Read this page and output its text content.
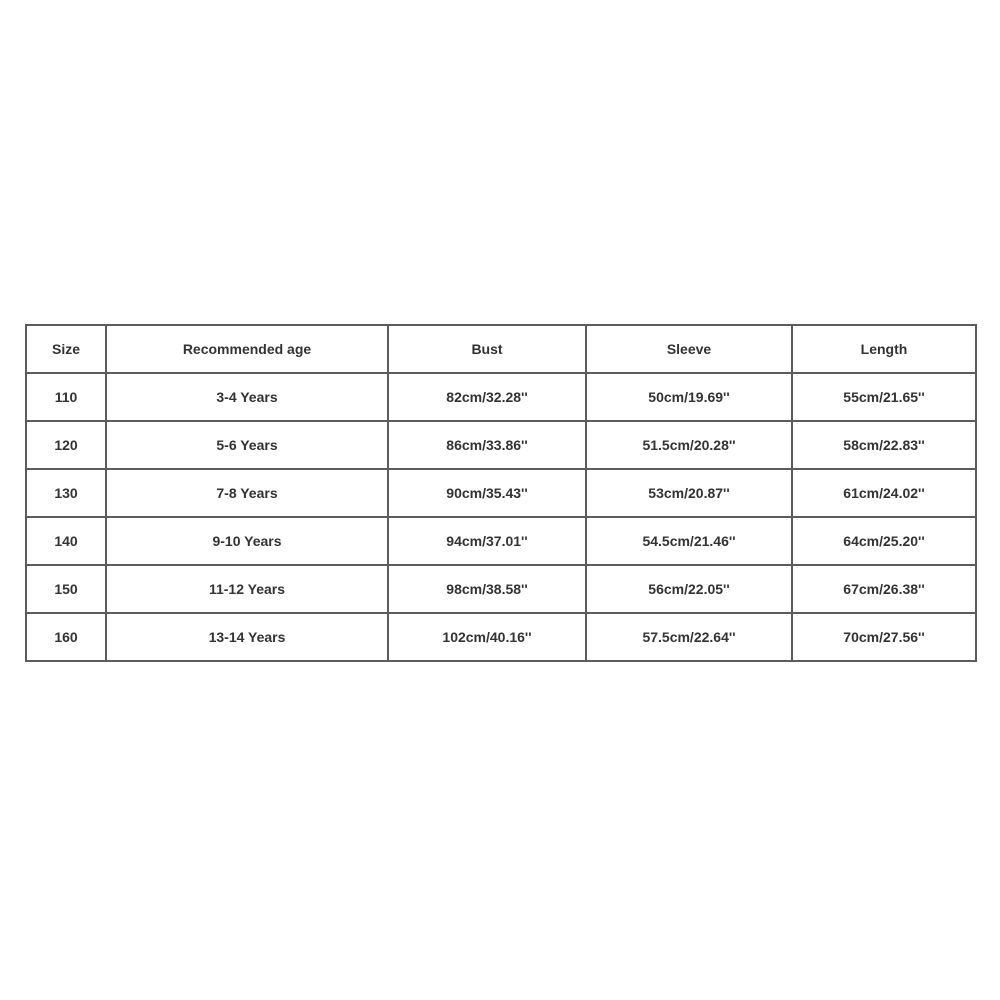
Size	Recommended age	Bust	Sleeve	Length
110	3-4 Years	82cm/32.28''	50cm/19.69''	55cm/21.65''
120	5-6 Years	86cm/33.86''	51.5cm/20.28''	58cm/22.83''
130	7-8 Years	90cm/35.43''	53cm/20.87''	61cm/24.02''
140	9-10 Years	94cm/37.01''	54.5cm/21.46''	64cm/25.20''
150	11-12 Years	98cm/38.58''	56cm/22.05''	67cm/26.38''
160	13-14 Years	102cm/40.16''	57.5cm/22.64''	70cm/27.56''
